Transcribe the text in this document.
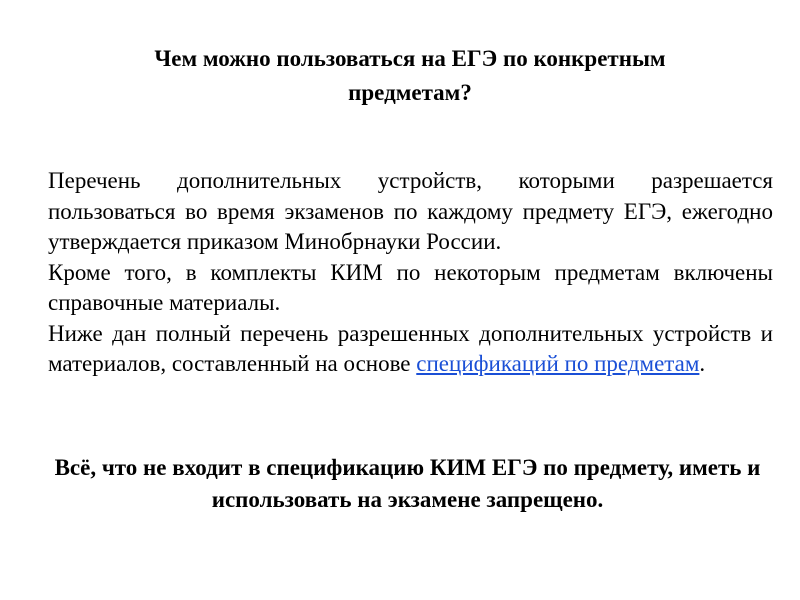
Чем можно пользоваться на ЕГЭ по конкретным предметам?

Перечень дополнительных устройств, которыми разрешается пользоваться во время экзаменов по каждому предмету ЕГЭ, ежегодно утверждается приказом Минобрнауки России.

Кроме того, в комплекты КИМ по некоторым предметам включены справочные материалы.

Ниже дан полный перечень разрешенных дополнительных устройств и материалов, составленный на основе спецификаций по предметам.

Всё, что не входит в спецификацию КИМ ЕГЭ по предмету, иметь и использовать на экзамене запрещено.
